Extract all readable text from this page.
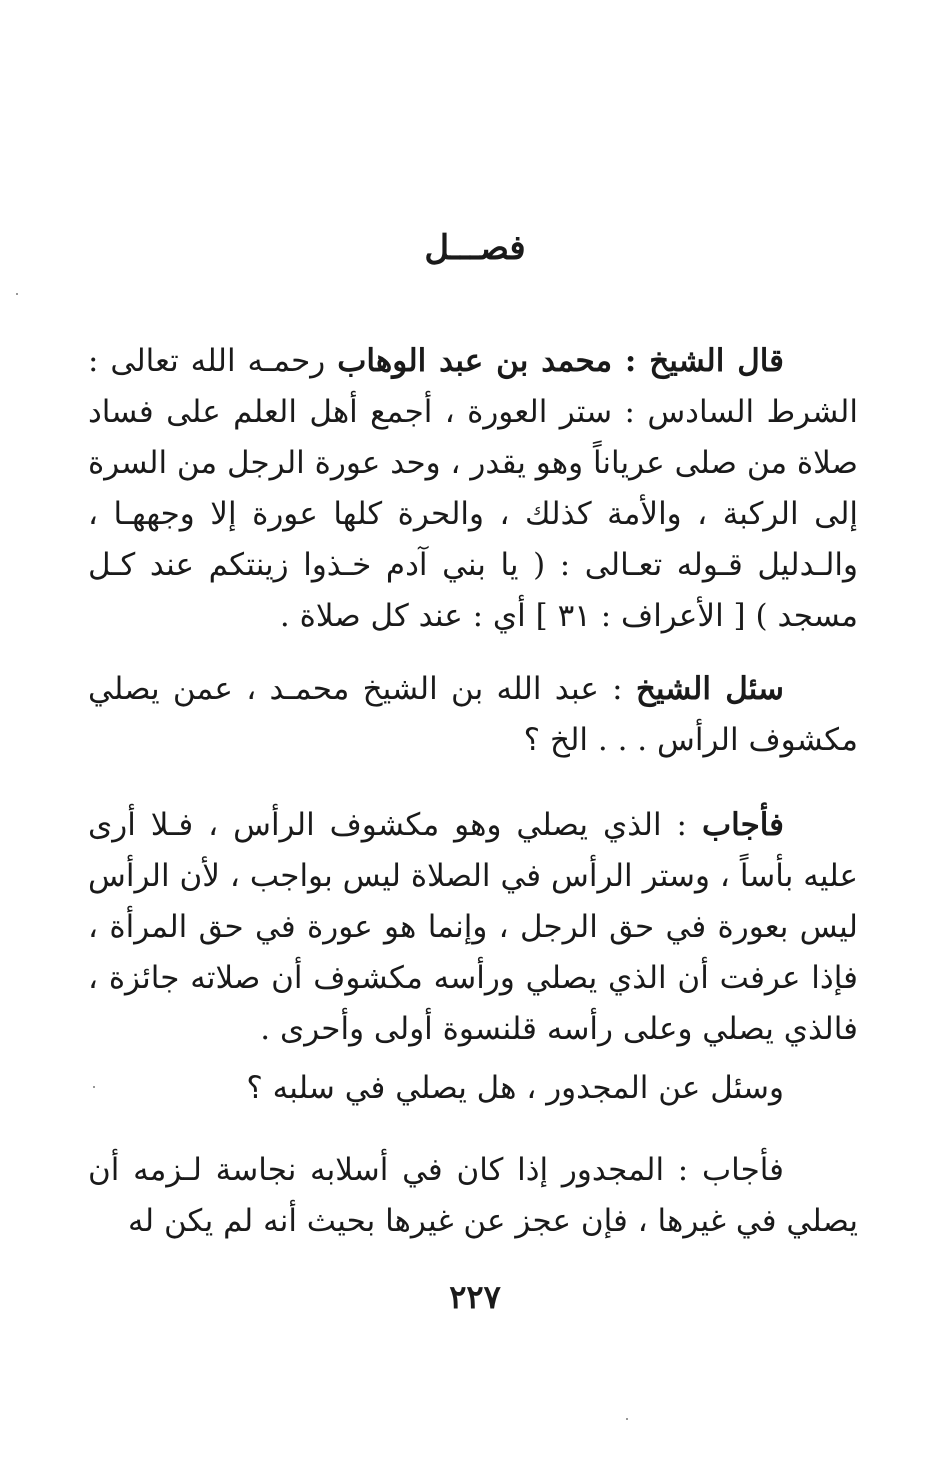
فصـــل

قال الشيخ : محمد بن عبد الوهاب رحمـه الله تعالى : الشرط السادس : ستر العورة ، أجمع أهل العلم على فساد صلاة من صلى عرياناً وهو يقدر ، وحد عورة الرجل من السرة إلى الركبة ، والأمة كذلك ، والحرة كلها عورة إلا وجههـا ، والـدليل قـوله تعـالى : ( يا بني آدم خـذوا زينتكم عند كـل مسجد ) [ الأعراف : ٣١ ] أي : عند كل صلاة .

سئل الشيخ : عبد الله بن الشيخ محمـد ، عمن يصلي مكشوف الرأس . . . الخ ؟

فأجاب : الذي يصلي وهو مكشوف الرأس ، فـلا أرى عليه بأساً ، وستر الرأس في الصلاة ليس بواجب ، لأن الرأس ليس بعورة في حق الرجل ، وإنما هو عورة في حق المرأة ، فإذا عرفت أن الذي يصلي ورأسه مكشوف أن صلاته جائزة ، فالذي يصلي وعلى رأسه قلنسوة أولى وأحرى .

وسئل عن المجدور ، هل يصلي في سلبه ؟

فأجاب : المجدور إذا كان في أسلابه نجاسة لـزمه أن يصلي في غيرها ، فإن عجز عن غيرها بحيث أنه لم يكن له

٢٢٧
